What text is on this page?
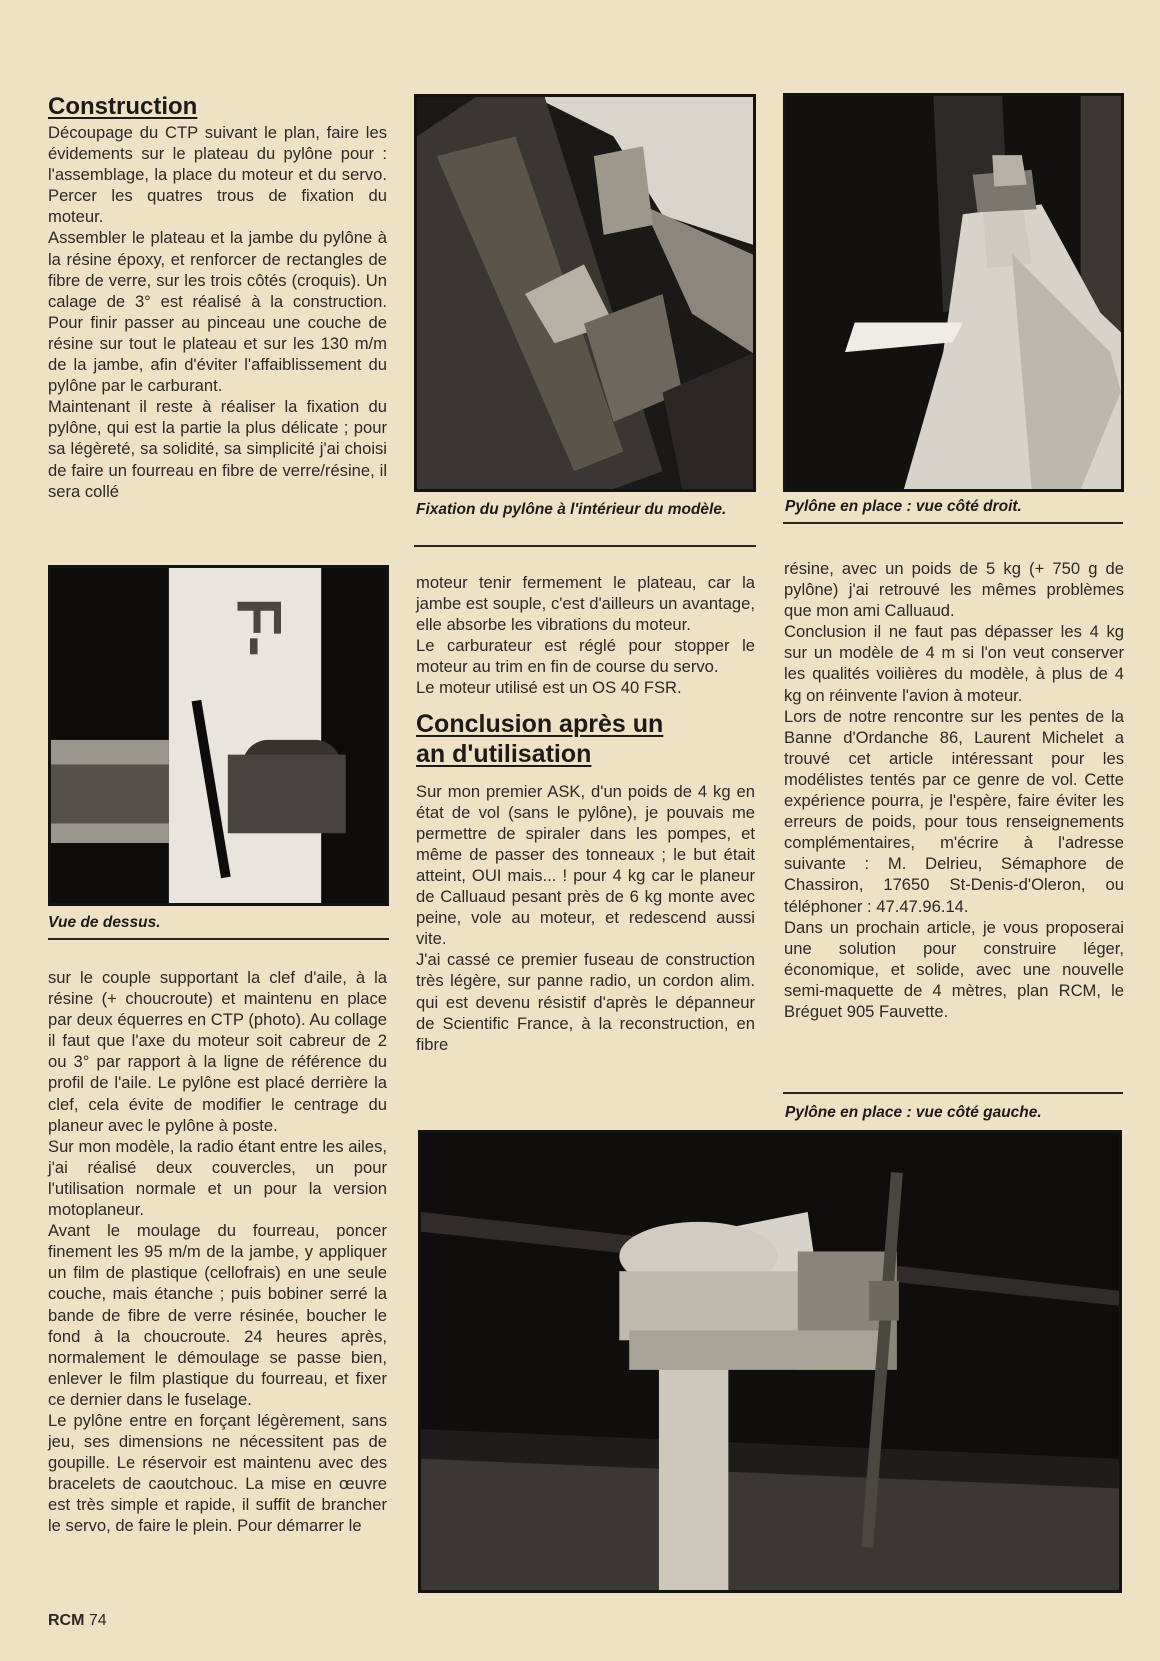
Construction

Découpage du CTP suivant le plan, faire les évidements sur le plateau du pylône pour : l'assemblage, la place du moteur et du servo. Percer les quatres trous de fixation du moteur.

Assembler le plateau et la jambe du pylône à la résine époxy, et renforcer de rectangles de fibre de verre, sur les trois côtés (croquis). Un calage de 3° est réalisé à la construction. Pour finir passer au pinceau une couche de résine sur tout le plateau et sur les 130 m/m de la jambe, afin d'éviter l'affaiblissement du pylône par le carburant.

Maintenant il reste à réaliser la fixation du pylône, qui est la partie la plus délicate ; pour sa légèreté, sa solidité, sa simplicité j'ai choisi de faire un fourreau en fibre de verre/résine, il sera collé

Fixation du pylône à l'intérieur du modèle.	Pylône en place : vue côté droit.
F-
Vue de dessus.

sur le couple supportant la clef d'aile, à la résine (+ choucroute) et maintenu en place par deux équerres en CTP (photo). Au collage il faut que l'axe du moteur soit cabreur de 2 ou 3° par rapport à la ligne de référence du profil de l'aile. Le pylône est placé derrière la clef, cela évite de modifier le centrage du planeur avec le pylône à poste.

Sur mon modèle, la radio étant entre les ailes, j'ai réalisé deux couvercles, un pour l'utilisation normale et un pour la version motoplaneur.

Avant le moulage du fourreau, poncer finement les 95 m/m de la jambe, y appliquer un film de plastique (cellofrais) en une seule couche, mais étanche ; puis bobiner serré la bande de fibre de verre résinée, boucher le fond à la choucroute. 24 heures après, normalement le démoulage se passe bien, enlever le film plastique du fourreau, et fixer ce dernier dans le fuselage.

Le pylône entre en forçant légèrement, sans jeu, ses dimensions ne nécessitent pas de goupille. Le réservoir est maintenu avec des bracelets de caoutchouc. La mise en œuvre est très simple et rapide, il suffit de brancher le servo, de faire le plein. Pour démarrer le

moteur tenir fermement le plateau, car la jambe est souple, c'est d'ailleurs un avantage, elle absorbe les vibrations du moteur.

Le carburateur est réglé pour stopper le moteur au trim en fin de course du servo.

Le moteur utilisé est un OS 40 FSR.

Conclusion après un
an d'utilisation

Sur mon premier ASK, d'un poids de 4 kg en état de vol (sans le pylône), je pouvais me permettre de spiraler dans les pompes, et même de passer des tonneaux ; le but était atteint, OUI mais... ! pour 4 kg car le planeur de Calluaud pesant près de 6 kg monte avec peine, vole au moteur, et redescend aussi vite.

J'ai cassé ce premier fuseau de construction très légère, sur panne radio, un cordon alim. qui est devenu résistif d'après le dépanneur de Scientific France, à la reconstruction, en fibre

résine, avec un poids de 5 kg (+ 750 g de pylône) j'ai retrouvé les mêmes problèmes que mon ami Calluaud.

Conclusion il ne faut pas dépasser les 4 kg sur un modèle de 4 m si l'on veut conserver les qualités voilières du modèle, à plus de 4 kg on réinvente l'avion à moteur.

Lors de notre rencontre sur les pentes de la Banne d'Ordanche 86, Laurent Michelet a trouvé cet article intéressant pour les modélistes tentés par ce genre de vol. Cette expérience pourra, je l'espère, faire éviter les erreurs de poids, pour tous renseignements complémentaires, m'écrire à l'adresse suivante : M. Delrieu, Sémaphore de Chassiron, 17650 St-Denis-d'Oleron, ou téléphoner : 47.47.96.14.

Dans un prochain article, je vous proposerai une solution pour construire léger, économique, et solide, avec une nouvelle semi-maquette de 4 mètres, plan RCM, le Bréguet 905 Fauvette.

Pylône en place : vue côté gauche.
RCM 74
